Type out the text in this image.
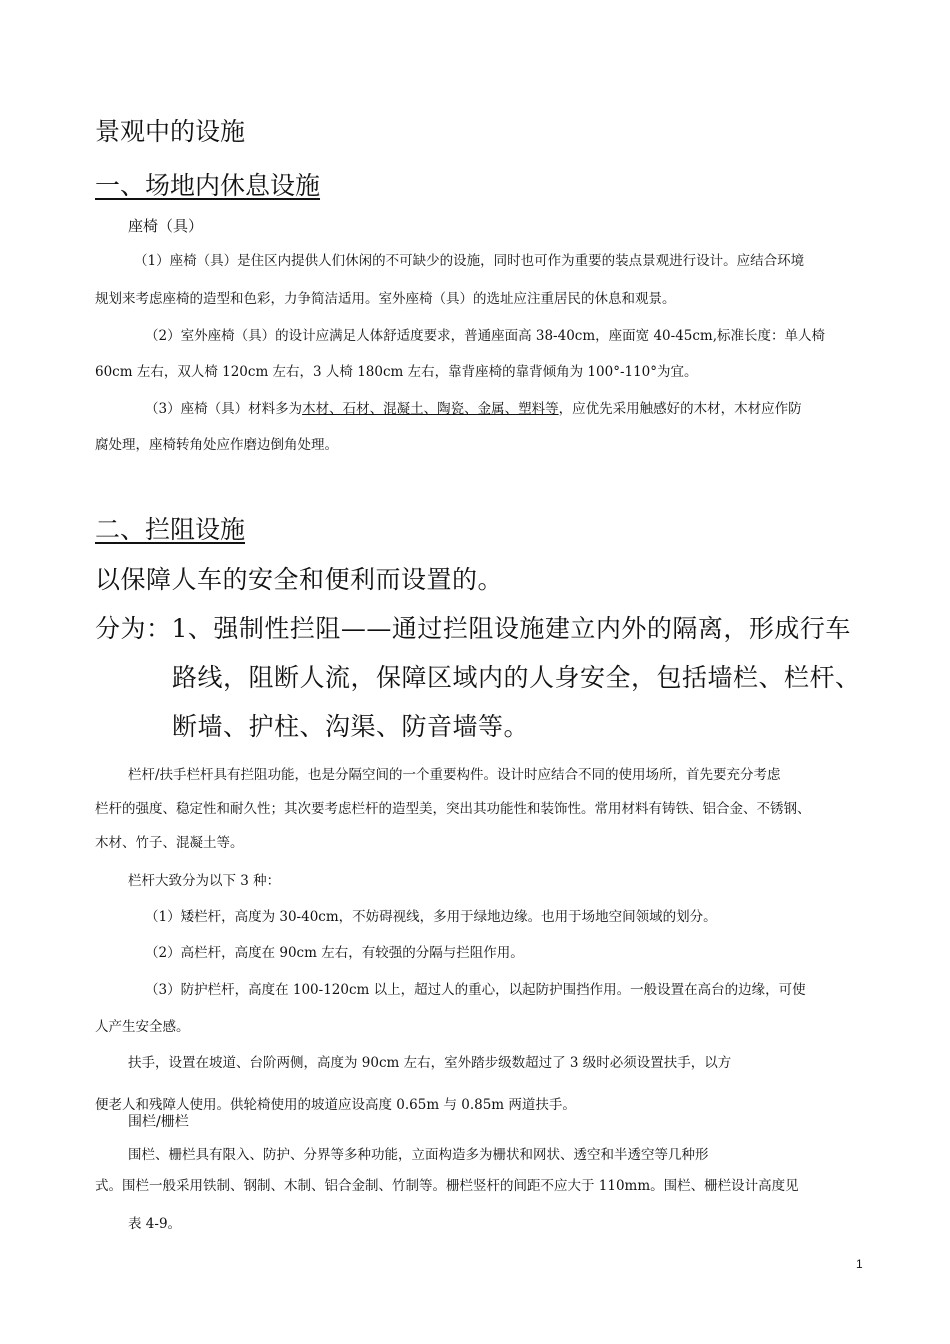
景观中的设施
一、场地内休息设施
座椅（具）
（1）座椅（具）是住区内提供人们休闲的不可缺少的设施，同时也可作为重要的装点景观进行设计。应结合环境
规划来考虑座椅的造型和色彩，力争简洁适用。室外座椅（具）的选址应注重居民的休息和观景。
（2）室外座椅（具）的设计应满足人体舒适度要求，普通座面高 38-40cm，座面宽 40-45cm,标准长度：单人椅
60cm 左右，双人椅 120cm 左右，3 人椅 180cm 左右，靠背座椅的靠背倾角为 100°-110°为宜。
（3）座椅（具）材料多为木材、石材、混凝土、陶瓷、金属、塑料等，应优先采用触感好的木材，木材应作防
腐处理，座椅转角处应作磨边倒角处理。
二、拦阻设施
以保障人车的安全和便利而设置的。
分为：1、强制性拦阻——通过拦阻设施建立内外的隔离，形成行车
路线，阻断人流，保障区域内的人身安全，包括墙栏、栏杆、
断墙、护柱、沟渠、防音墙等。
栏杆/扶手栏杆具有拦阻功能，也是分隔空间的一个重要构件。设计时应结合不同的使用场所，首先要充分考虑
栏杆的强度、稳定性和耐久性；其次要考虑栏杆的造型美，突出其功能性和装饰性。常用材料有铸铁、铝合金、不锈钢、
木材、竹子、混凝土等。
栏杆大致分为以下 3 种：
（1）矮栏杆，高度为 30-40cm，不妨碍视线，多用于绿地边缘。也用于场地空间领域的划分。
（2）高栏杆，高度在 90cm 左右，有较强的分隔与拦阻作用。
（3）防护栏杆，高度在 100-120cm 以上，超过人的重心，以起防护围挡作用。一般设置在高台的边缘，可使
人产生安全感。
扶手，设置在坡道、台阶两侧，高度为 90cm 左右，室外踏步级数超过了 3 级时必须设置扶手，以方
便老人和残障人使用。供轮椅使用的坡道应设高度 0.65m 与 0.85m 两道扶手。
围栏/栅栏
围栏、栅栏具有限入、防护、分界等多种功能，立面构造多为栅状和网状、透空和半透空等几种形
式。围栏一般采用铁制、钢制、木制、铝合金制、竹制等。栅栏竖杆的间距不应大于 110mm。围栏、栅栏设计高度见
表 4-9。
1
